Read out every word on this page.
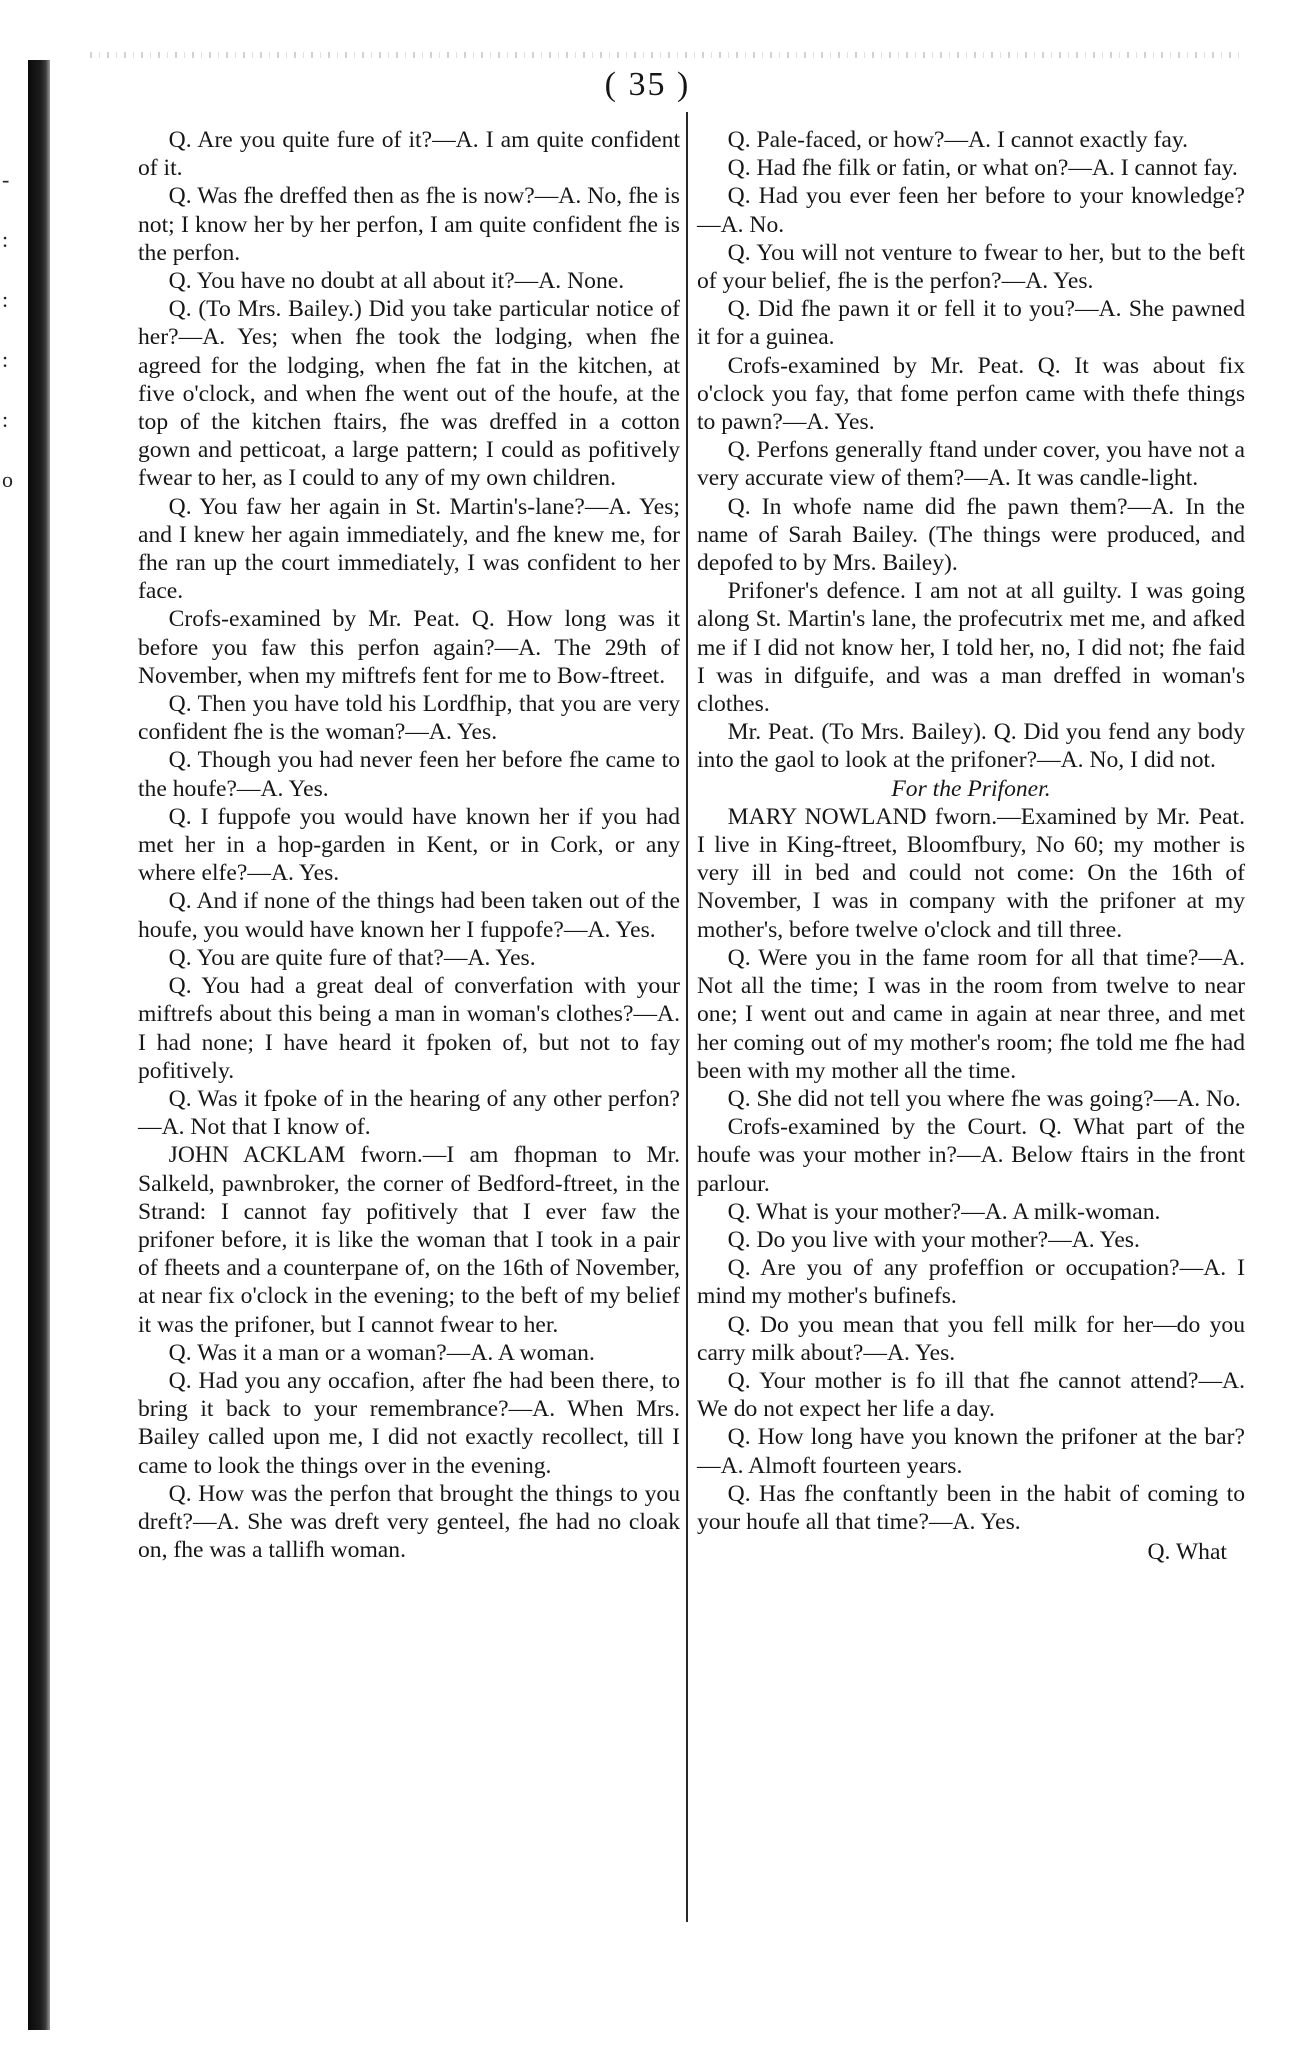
-
:
:
:
:
o
( 35 )

Q. Are you quite fure of it?—A. I am quite confident of it.

Q. Was fhe dreffed then as fhe is now?—A. No, fhe is not; I know her by her perfon, I am quite confident fhe is the perfon.

Q. You have no doubt at all about it?—A. None.

Q. (To Mrs. Bailey.) Did you take particular notice of her?—A. Yes; when fhe took the lodging, when fhe agreed for the lodging, when fhe fat in the kitchen, at five o'clock, and when fhe went out of the houfe, at the top of the kitchen ftairs, fhe was dreffed in a cotton gown and petticoat, a large pattern; I could as pofitively fwear to her, as I could to any of my own children.

Q. You faw her again in St. Martin's-lane?—A. Yes; and I knew her again immediately, and fhe knew me, for fhe ran up the court immediately, I was confident to her face.

Crofs-examined by Mr. Peat. Q. How long was it before you faw this perfon again?—A. The 29th of November, when my miftrefs fent for me to Bow-ftreet.

Q. Then you have told his Lordfhip, that you are very confident fhe is the woman?—A. Yes.

Q. Though you had never feen her before fhe came to the houfe?—A. Yes.

Q. I fuppofe you would have known her if you had met her in a hop-garden in Kent, or in Cork, or any where elfe?—A. Yes.

Q. And if none of the things had been taken out of the houfe, you would have known her I fuppofe?—A. Yes.

Q. You are quite fure of that?—A. Yes.

Q. You had a great deal of converfation with your miftrefs about this being a man in woman's clothes?—A. I had none; I have heard it fpoken of, but not to fay pofitively.

Q. Was it fpoke of in the hearing of any other perfon?—A. Not that I know of.

JOHN ACKLAM fworn.—I am fhopman to Mr. Salkeld, pawnbroker, the corner of Bedford-ftreet, in the Strand: I cannot fay pofitively that I ever faw the prifoner before, it is like the woman that I took in a pair of fheets and a counterpane of, on the 16th of November, at near fix o'clock in the evening; to the beft of my belief it was the prifoner, but I cannot fwear to her.

Q. Was it a man or a woman?—A. A woman.

Q. Had you any occafion, after fhe had been there, to bring it back to your remembrance?—A. When Mrs. Bailey called upon me, I did not exactly recollect, till I came to look the things over in the evening.

Q. How was the perfon that brought the things to you dreft?—A. She was dreft very genteel, fhe had no cloak on, fhe was a tallifh woman.

Q. Pale-faced, or how?—A. I cannot exactly fay.

Q. Had fhe filk or fatin, or what on?—A. I cannot fay.

Q. Had you ever feen her before to your knowledge?—A. No.

Q. You will not venture to fwear to her, but to the beft of your belief, fhe is the perfon?—A. Yes.

Q. Did fhe pawn it or fell it to you?—A. She pawned it for a guinea.

Crofs-examined by Mr. Peat. Q. It was about fix o'clock you fay, that fome perfon came with thefe things to pawn?—A. Yes.

Q. Perfons generally ftand under cover, you have not a very accurate view of them?—A. It was candle-light.

Q. In whofe name did fhe pawn them?—A. In the name of Sarah Bailey. (The things were produced, and depofed to by Mrs. Bailey).

Prifoner's defence. I am not at all guilty. I was going along St. Martin's lane, the profecutrix met me, and afked me if I did not know her, I told her, no, I did not; fhe faid I was in difguife, and was a man dreffed in woman's clothes.

Mr. Peat. (To Mrs. Bailey). Q. Did you fend any body into the gaol to look at the prifoner?—A. No, I did not.

For the Prifoner.

MARY NOWLAND fworn.—Examined by Mr. Peat. I live in King-ftreet, Bloomfbury, No 60; my mother is very ill in bed and could not come: On the 16th of November, I was in company with the prifoner at my mother's, before twelve o'clock and till three.

Q. Were you in the fame room for all that time?—A. Not all the time; I was in the room from twelve to near one; I went out and came in again at near three, and met her coming out of my mother's room; fhe told me fhe had been with my mother all the time.

Q. She did not tell you where fhe was going?—A. No.

Crofs-examined by the Court. Q. What part of the houfe was your mother in?—A. Below ftairs in the front parlour.

Q. What is your mother?—A. A milk-woman.

Q. Do you live with your mother?—A. Yes.

Q. Are you of any profeffion or occupation?—A. I mind my mother's bufinefs.

Q. Do you mean that you fell milk for her—do you carry milk about?—A. Yes.

Q. Your mother is fo ill that fhe cannot attend?—A. We do not expect her life a day.

Q. How long have you known the prifoner at the bar?—A. Almoft fourteen years.

Q. Has fhe conftantly been in the habit of coming to your houfe all that time?—A. Yes.

Q. What
